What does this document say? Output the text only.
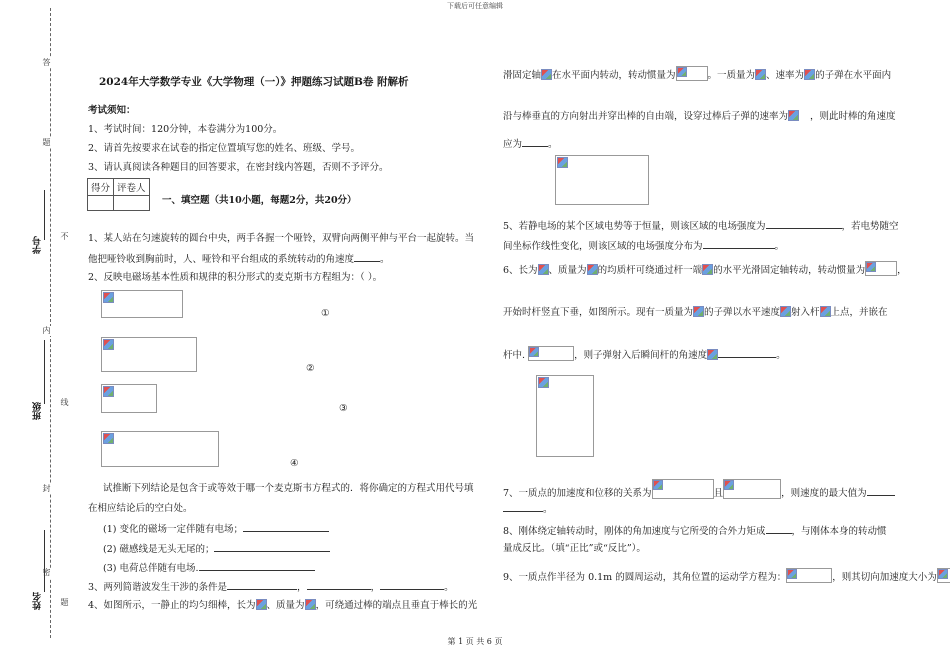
下载后可任意编辑
第 1 页 共 6 页
答
题
不
内
线
封
密
题
学号
班级
姓名
2024年大学数学专业《大学物理（一）》押题练习试题B卷 附解析
考试须知：
1、考试时间：120分钟，本卷满分为100分。
2、请首先按要求在试卷的指定位置填写您的姓名、班级、学号。
3、请认真阅读各种题目的回答要求，在密封线内答题，否则不予评分。
得分	评卷人

一、填空题（共10小题，每题2分，共20分）
1、某人站在匀速旋转的圆台中央，两手各握一个哑铃，双臂向两侧平伸与平台一起旋转。当
他把哑铃收到胸前时，人、哑铃和平台组成的系统转动的角速度	。
2、反映电磁场基本性质和规律的积分形式的麦克斯韦方程组为：（ ）。
①
②
③
④
试推断下列结论是包含于或等效于哪一个麦克斯韦方程式的．将你确定的方程式用代号填
在相应结论后的空白处。
(1) 变化的磁场一定伴随有电场；
(2) 磁感线是无头无尾的；
(3) 电荷总伴随有电场.
3、两列简谐波发生干涉的条件是	，	，	。
4、如图所示，一静止的均匀细棒，长为 、质量为 ，可绕通过棒的端点且垂直于棒长的光
滑固定轴 在水平面内转动，转动惯量为	。一质量为 、速率为 的子弹在水平面内
沿与棒垂直的方向射出并穿出棒的自由端，设穿过棒后子弹的速率为 ，则此时棒的角速度
应为	。
5、若静电场的某个区域电势等于恒量，则该区域的电场强度为	，若电势随空
间坐标作线性变化，则该区域的电场强度分布为	。
6、长为 、质量为 的均质杆可绕通过杆一端 的水平光滑固定轴转动，转动惯量为	，
开始时杆竖直下垂，如图所示。现有一质量为 的子弹以水平速度 射入杆 上点，并嵌在
杆中.	，则子弹射入后瞬间杆的角速度	。
7、一质点的加速度和位移的关系为	且	，则速度的最大值为
。
8、刚体绕定轴转动时，刚体的角加速度与它所受的合外力矩成	，与刚体本身的转动惯
量成反比。（填“正比”或“反比”）。
9、一质点作半径为 0.1m 的圆周运动，其角位置的运动学方程为：	，则其切向加速度大小为
